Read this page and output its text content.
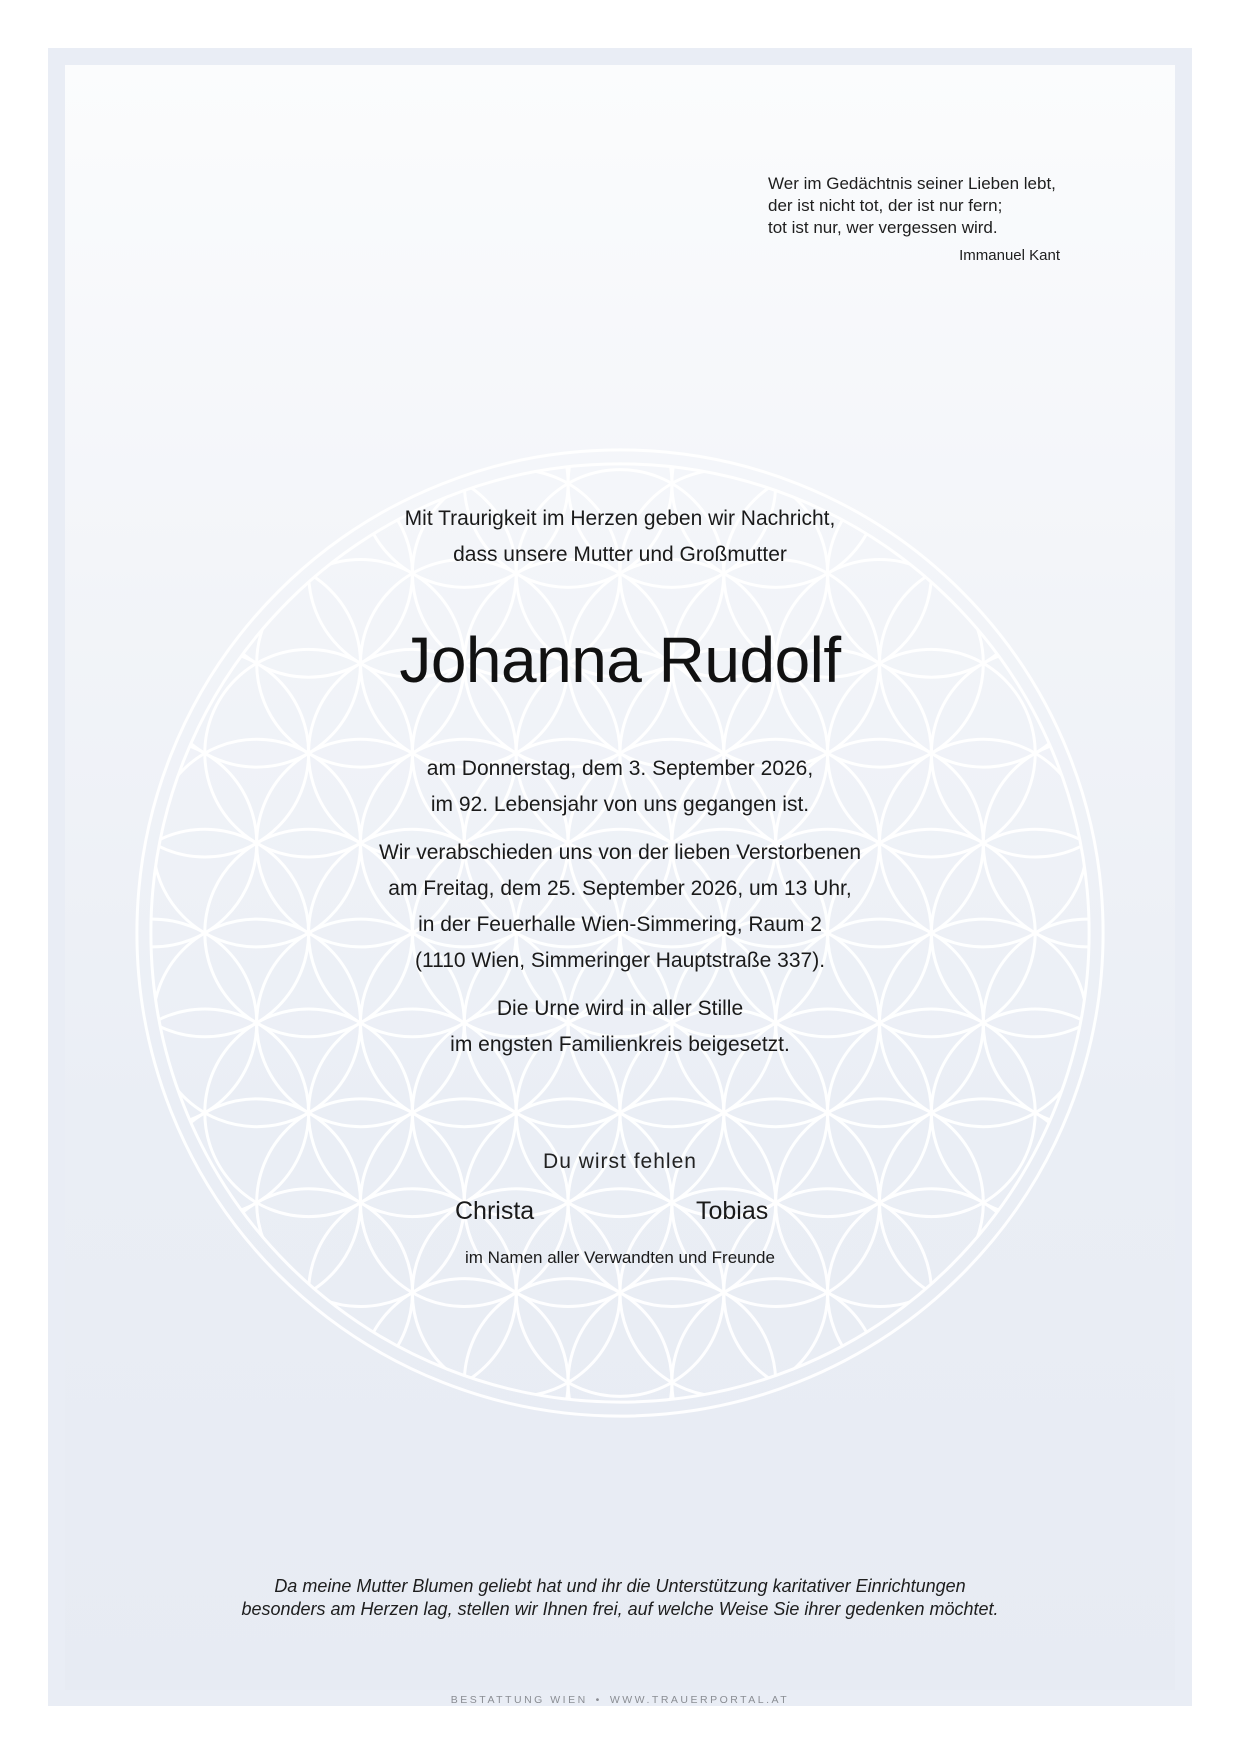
Wer im Gedächtnis seiner Lieben lebt,
der ist nicht tot, der ist nur fern;
tot ist nur, wer vergessen wird.
Immanuel Kant
Mit Traurigkeit im Herzen geben wir Nachricht,
dass unsere Mutter und Großmutter
Johanna Rudolf
am Donnerstag, dem 3. September 2026,
im 92. Lebensjahr von uns gegangen ist.
Wir verabschieden uns von der lieben Verstorbenen
am Freitag, dem 25. September 2026, um 13 Uhr,
in der Feuerhalle Wien-Simmering, Raum 2
(1110 Wien, Simmeringer Hauptstraße 337).
Die Urne wird in aller Stille
im engsten Familienkreis beigesetzt.
Du wirst fehlen
Christa	Tobias
im Namen aller Verwandten und Freunde
Da meine Mutter Blumen geliebt hat und ihr die Unterstützung karitativer Einrichtungen
besonders am Herzen lag, stellen wir Ihnen frei, auf welche Weise Sie ihrer gedenken möchtet.
BESTATTUNG WIEN • WWW.TRAUERPORTAL.AT
